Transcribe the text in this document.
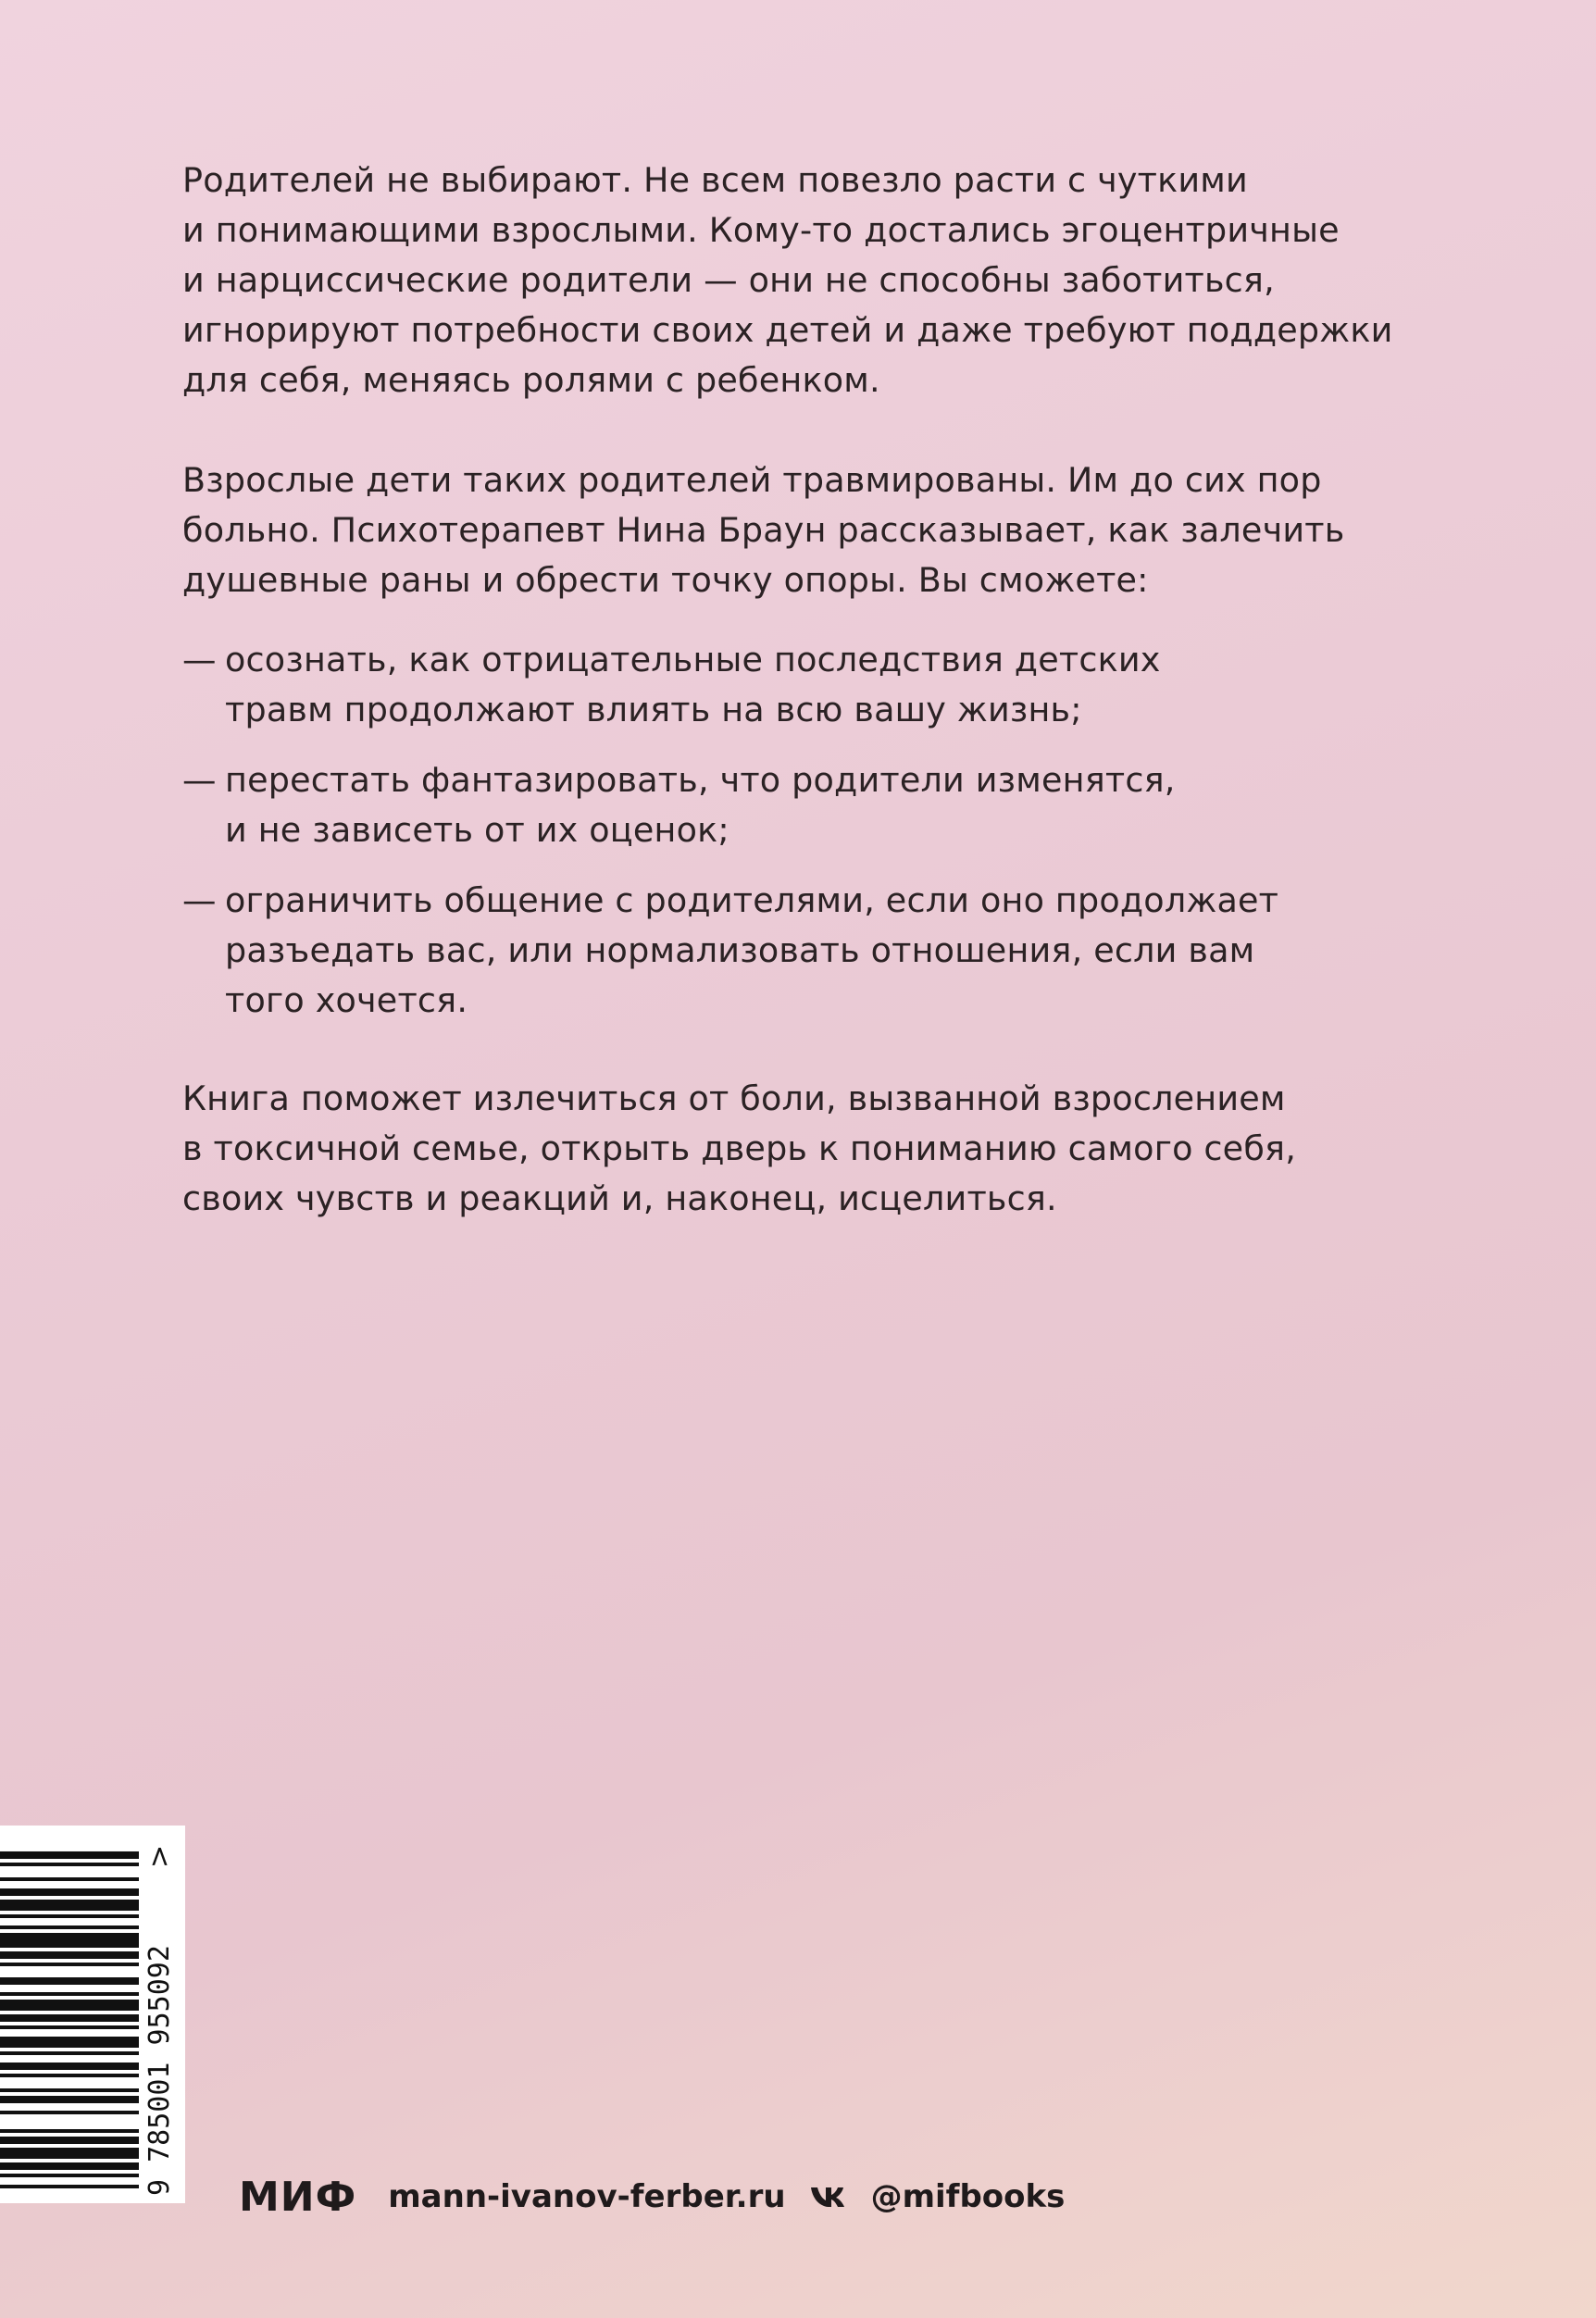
Родителей не выбирают. Не всем повезло расти с чуткими
и понимающими взрослыми. Кому-то достались эгоцентричные
и нарциссические родители — они не способны заботиться,
игнорируют потребности своих детей и даже требуют поддержки
для себя, меняясь ролями с ребенком.

Взрослые дети таких родителей травмированы. Им до сих пор
больно. Психотерапевт Нина Браун рассказывает, как залечить
душевные раны и обрести точку опоры. Вы сможете:

— осознать, как отрицательные последствия детских
травм продолжают влиять на всю вашу жизнь;
— перестать фантазировать, что родители изменятся,
и не зависеть от их оценок;
— ограничить общение с родителями, если оно продолжает
разъедать вас, или нормализовать отношения, если вам
того хочется.

Книга поможет излечиться от боли, вызванной взрослением
в токсичной семье, открыть дверь к пониманию самого себя,
своих чувств и реакций и, наконец, исцелиться.

9 785001 955092
>
МИФ mann-ivanov-ferber.ru	@mifbooks
